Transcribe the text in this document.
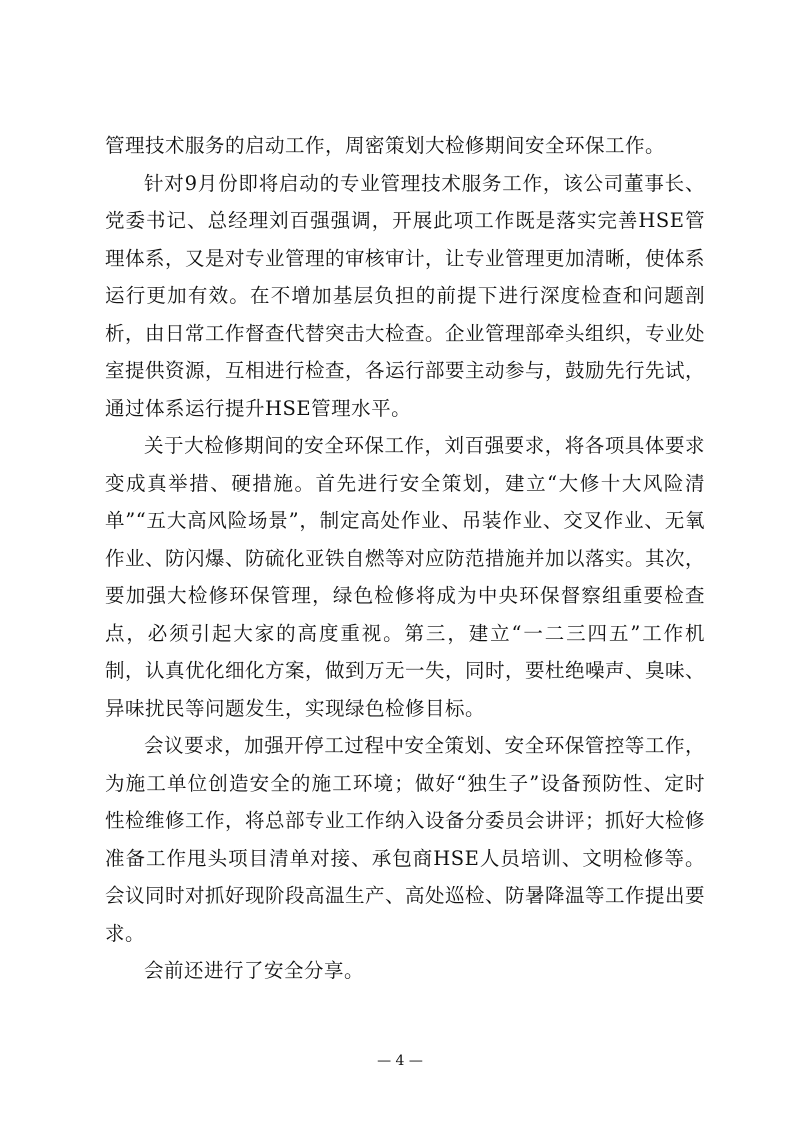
管理技术服务的启动工作，周密策划大检修期间安全环保工作。

针对9月份即将启动的专业管理技术服务工作，该公司董事长、党委书记、总经理刘百强强调，开展此项工作既是落实完善HSE管理体系，又是对专业管理的审核审计，让专业管理更加清晰，使体系运行更加有效。在不增加基层负担的前提下进行深度检查和问题剖析，由日常工作督查代替突击大检查。企业管理部牵头组织，专业处室提供资源，互相进行检查，各运行部要主动参与，鼓励先行先试，通过体系运行提升HSE管理水平。

关于大检修期间的安全环保工作，刘百强要求，将各项具体要求变成真举措、硬措施。首先进行安全策划，建立“大修十大风险清单”“五大高风险场景”，制定高处作业、吊装作业、交叉作业、无氧作业、防闪爆、防硫化亚铁自燃等对应防范措施并加以落实。其次，要加强大检修环保管理，绿色检修将成为中央环保督察组重要检查点，必须引起大家的高度重视。第三，建立“一二三四五”工作机制，认真优化细化方案，做到万无一失，同时，要杜绝噪声、臭味、异味扰民等问题发生，实现绿色检修目标。

会议要求，加强开停工过程中安全策划、安全环保管控等工作，为施工单位创造安全的施工环境；做好“独生子”设备预防性、定时性检维修工作，将总部专业工作纳入设备分委员会讲评；抓好大检修准备工作甩头项目清单对接、承包商HSE人员培训、文明检修等。会议同时对抓好现阶段高温生产、高处巡检、防暑降温等工作提出要求。

会前还进行了安全分享。

— 4 —
